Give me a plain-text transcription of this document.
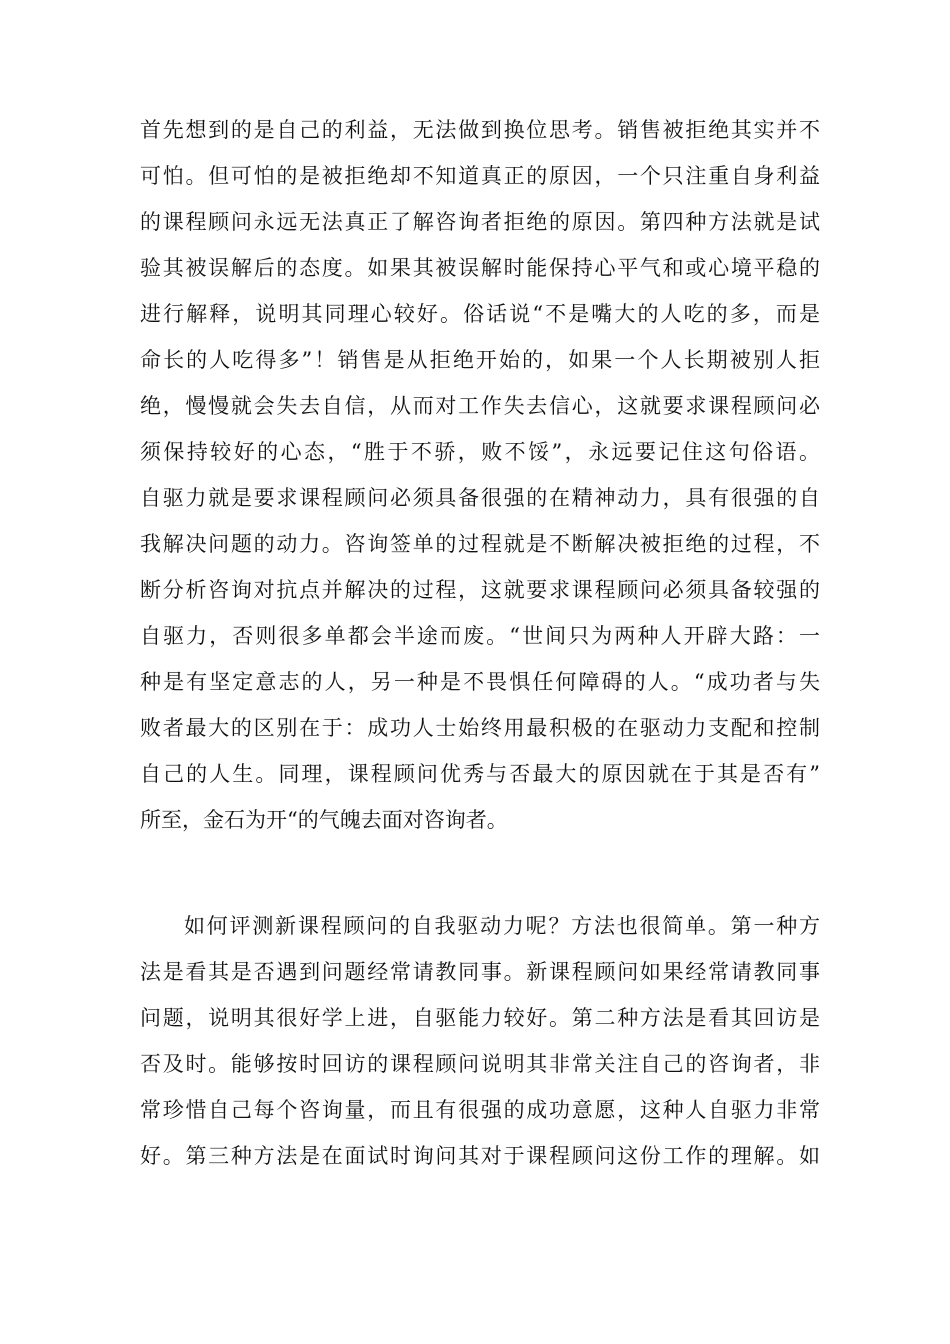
首先想到的是自己的利益，无法做到换位思考。销售被拒绝其实并不
可怕。但可怕的是被拒绝却不知道真正的原因，一个只注重自身利益
的课程顾问永远无法真正了解咨询者拒绝的原因。第四种方法就是试
验其被误解后的态度。如果其被误解时能保持心平气和或心境平稳的
进行解释，说明其同理心较好。俗话说“不是嘴大的人吃的多，而是
命长的人吃得多”！销售是从拒绝开始的，如果一个人长期被别人拒
绝，慢慢就会失去自信，从而对工作失去信心，这就要求课程顾问必
须保持较好的心态，“胜于不骄，败不馁”，永远要记住这句俗语。
自驱力就是要求课程顾问必须具备很强的在精神动力，具有很强的自
我解决问题的动力。咨询签单的过程就是不断解决被拒绝的过程，不
断分析咨询对抗点并解决的过程，这就要求课程顾问必须具备较强的
自驱力，否则很多单都会半途而废。“世间只为两种人开辟大路：一
种是有坚定意志的人，另一种是不畏惧任何障碍的人。“成功者与失
败者最大的区别在于：成功人士始终用最积极的在驱动力支配和控制
自己的人生。同理，课程顾问优秀与否最大的原因就在于其是否有”
所至，金石为开“的气魄去面对咨询者。
如何评测新课程顾问的自我驱动力呢？方法也很简单。第一种方
法是看其是否遇到问题经常请教同事。新课程顾问如果经常请教同事
问题，说明其很好学上进，自驱能力较好。第二种方法是看其回访是
否及时。能够按时回访的课程顾问说明其非常关注自己的咨询者，非
常珍惜自己每个咨询量，而且有很强的成功意愿，这种人自驱力非常
好。第三种方法是在面试时询问其对于课程顾问这份工作的理解。如
